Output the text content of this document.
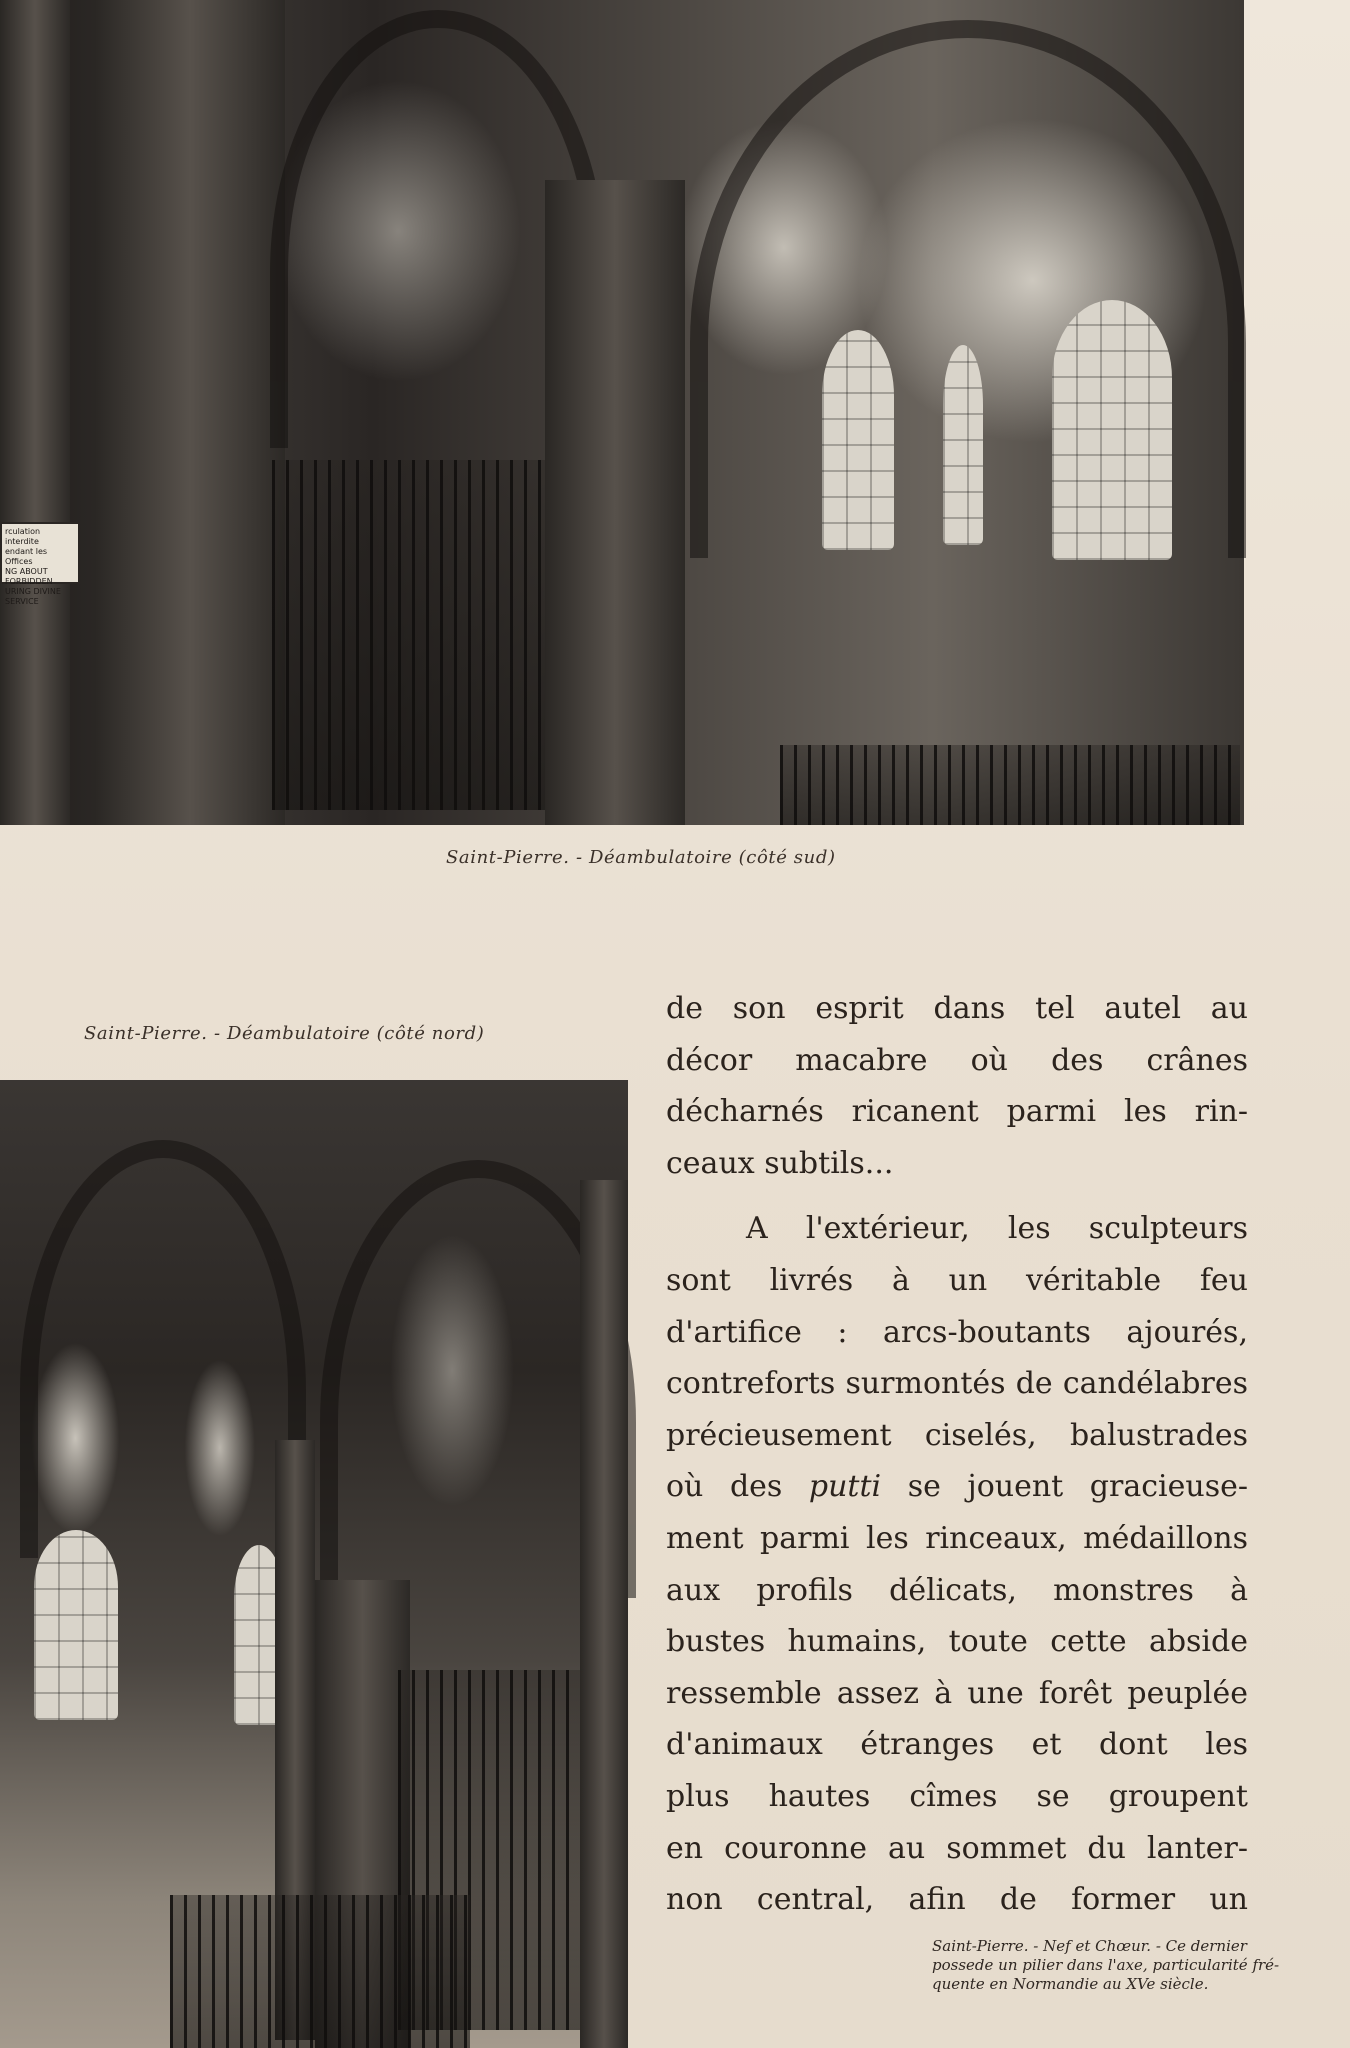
rculation interdite
endant les Offices
NG ABOUT FORBIDDEN
URING DIVINE SERVICE
Saint-Pierre. - Déambulatoire (côté sud)
Saint-Pierre. - Déambulatoire (côté nord)

de son esprit dans tel autel au
décor macabre où des crânes
décharnés ricanent parmi les rin-
ceaux subtils...

A l'extérieur, les sculpteurs
sont livrés à un véritable feu
d'artifice : arcs-boutants ajourés,
contreforts surmontés de candélabres
précieusement ciselés, balustrades
où des putti se jouent gracieuse-
ment parmi les rinceaux, médaillons
aux profils délicats, monstres à
bustes humains, toute cette abside
ressemble assez à une forêt peuplée
d'animaux étranges et dont les
plus hautes cîmes se groupent
en couronne au sommet du lanter-
non central, afin de former un

Saint-Pierre. - Nef et Chœur. - Ce dernier
possede un pilier dans l'axe, particularité fré-
quente en Normandie au XVe siècle.
